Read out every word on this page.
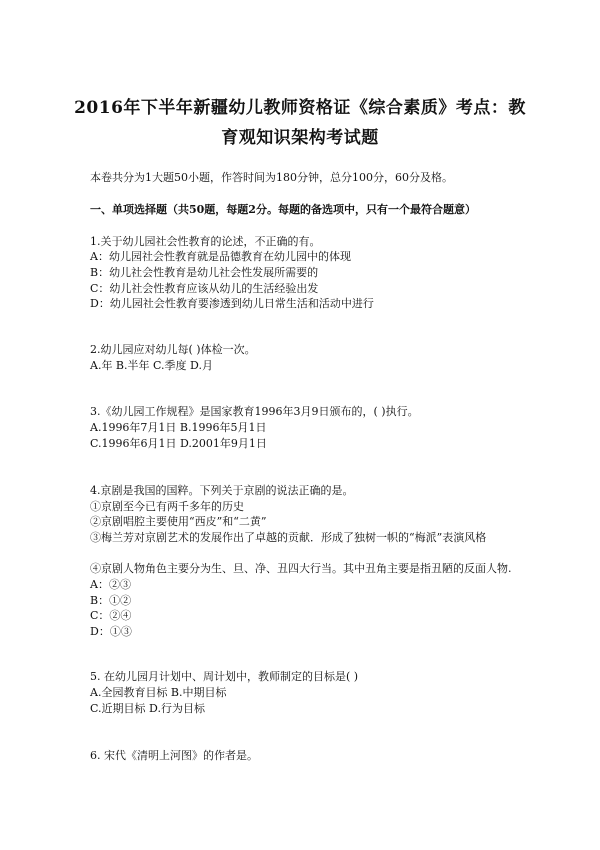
2016年下半年新疆幼儿教师资格证《综合素质》考点：教
育观知识架构考试题
本卷共分为1大题50小题，作答时间为180分钟，总分100分，60分及格。
一、单项选择题（共50题，每题2分。每题的备选项中，只有一个最符合题意）
1.关于幼儿园社会性教育的论述，不正确的有。
A：幼儿园社会性教育就是品德教育在幼儿园中的体现
B：幼儿社会性教育是幼儿社会性发展所需要的
C：幼儿社会性教育应该从幼儿的生活经验出发
D：幼儿园社会性教育要渗透到幼儿日常生活和活动中进行
2.幼儿园应对幼儿每( )体检一次。
A.年 B.半年 C.季度 D.月
3.《幼儿园工作规程》是国家教育1996年3月9日颁布的，( )执行。
A.1996年7月1日 B.1996年5月1日
C.1996年6月1日 D.2001年9月1日
4.京剧是我国的国粹。下列关于京剧的说法正确的是。
①京剧至今已有两千多年的历史
②京剧唱腔主要使用“西皮”和“二黄”
③梅兰芳对京剧艺术的发展作出了卓越的贡献．形成了独树一帜的“梅派”表演风格
④京剧人物角色主要分为生、旦、净、丑四大行当。其中丑角主要是指丑陋的反面人物.
A：②③
B：①②
C：②④
D：①③
5. 在幼儿园月计划中、周计划中，教师制定的目标是( )
A.全园教育目标 B.中期目标
C.近期目标 D.行为目标
6. 宋代《清明上河图》的作者是。
